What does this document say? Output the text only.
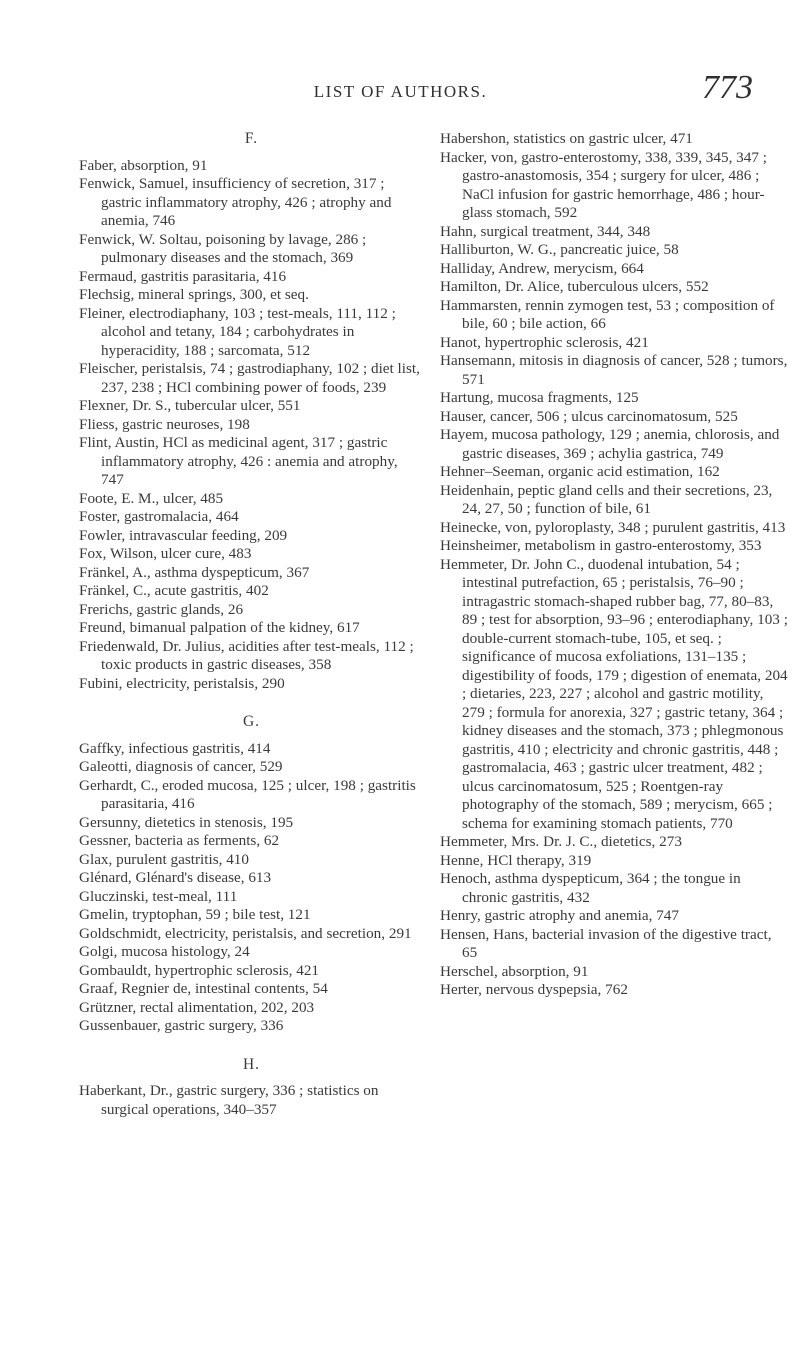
LIST OF AUTHORS.	773
F.

Faber, absorption, 91

Fenwick, Samuel, insufficiency of secretion, 317 ; gastric inflammatory atrophy, 426 ; atrophy and anemia, 746

Fenwick, W. Soltau, poisoning by lavage, 286 ; pulmonary diseases and the stomach, 369

Fermaud, gastritis parasitaria, 416

Flechsig, mineral springs, 300, et seq.

Fleiner, electrodiaphany, 103 ; test-meals, 111, 112 ; alcohol and tetany, 184 ; carbohydrates in hyperacidity, 188 ; sarcomata, 512

Fleischer, peristalsis, 74 ; gastrodiaphany, 102 ; diet list, 237, 238 ; HCl combining power of foods, 239

Flexner, Dr. S., tubercular ulcer, 551

Fliess, gastric neuroses, 198

Flint, Austin, HCl as medicinal agent, 317 ; gastric inflammatory atrophy, 426 : anemia and atrophy, 747

Foote, E. M., ulcer, 485

Foster, gastromalacia, 464

Fowler, intravascular feeding, 209

Fox, Wilson, ulcer cure, 483

Fränkel, A., asthma dyspepticum, 367

Fränkel, C., acute gastritis, 402

Frerichs, gastric glands, 26

Freund, bimanual palpation of the kidney, 617

Friedenwald, Dr. Julius, acidities after test-meals, 112 ; toxic products in gastric diseases, 358

Fubini, electricity, peristalsis, 290

G.

Gaffky, infectious gastritis, 414

Galeotti, diagnosis of cancer, 529

Gerhardt, C., eroded mucosa, 125 ; ulcer, 198 ; gastritis parasitaria, 416

Gersunny, dietetics in stenosis, 195

Gessner, bacteria as ferments, 62

Glax, purulent gastritis, 410

Glénard, Glénard's disease, 613

Gluczinski, test-meal, 111

Gmelin, tryptophan, 59 ; bile test, 121

Goldschmidt, electricity, peristalsis, and secretion, 291

Golgi, mucosa histology, 24

Gombauldt, hypertrophic sclerosis, 421

Graaf, Regnier de, intestinal contents, 54

Grützner, rectal alimentation, 202, 203

Gussenbauer, gastric surgery, 336

H.

Haberkant, Dr., gastric surgery, 336 ; statistics on surgical operations, 340–357

Habershon, statistics on gastric ulcer, 471

Hacker, von, gastro-enterostomy, 338, 339, 345, 347 ; gastro-anastomosis, 354 ; surgery for ulcer, 486 ; NaCl infusion for gastric hemorrhage, 486 ; hour-glass stomach, 592

Hahn, surgical treatment, 344, 348

Halliburton, W. G., pancreatic juice, 58

Halliday, Andrew, merycism, 664

Hamilton, Dr. Alice, tuberculous ulcers, 552

Hammarsten, rennin zymogen test, 53 ; composition of bile, 60 ; bile action, 66

Hanot, hypertrophic sclerosis, 421

Hansemann, mitosis in diagnosis of cancer, 528 ; tumors, 571

Hartung, mucosa fragments, 125

Hauser, cancer, 506 ; ulcus carcinomatosum, 525

Hayem, mucosa pathology, 129 ; anemia, chlorosis, and gastric diseases, 369 ; achylia gastrica, 749

Hehner–Seeman, organic acid estimation, 162

Heidenhain, peptic gland cells and their secretions, 23, 24, 27, 50 ; function of bile, 61

Heinecke, von, pyloroplasty, 348 ; purulent gastritis, 413

Heinsheimer, metabolism in gastro-enterostomy, 353

Hemmeter, Dr. John C., duodenal intubation, 54 ; intestinal putrefaction, 65 ; peristalsis, 76–90 ; intragastric stomach-shaped rubber bag, 77, 80–83, 89 ; test for absorption, 93–96 ; enterodiaphany, 103 ; double-current stomach-tube, 105, et seq. ; significance of mucosa exfoliations, 131–135 ; digestibility of foods, 179 ; digestion of enemata, 204 ; dietaries, 223, 227 ; alcohol and gastric motility, 279 ; formula for anorexia, 327 ; gastric tetany, 364 ; kidney diseases and the stomach, 373 ; phlegmonous gastritis, 410 ; electricity and chronic gastritis, 448 ; gastromalacia, 463 ; gastric ulcer treatment, 482 ; ulcus carcinomatosum, 525 ; Roentgen-ray photography of the stomach, 589 ; merycism, 665 ; schema for examining stomach patients, 770

Hemmeter, Mrs. Dr. J. C., dietetics, 273

Henne, HCl therapy, 319

Henoch, asthma dyspepticum, 364 ; the tongue in chronic gastritis, 432

Henry, gastric atrophy and anemia, 747

Hensen, Hans, bacterial invasion of the digestive tract, 65

Herschel, absorption, 91

Herter, nervous dyspepsia, 762
